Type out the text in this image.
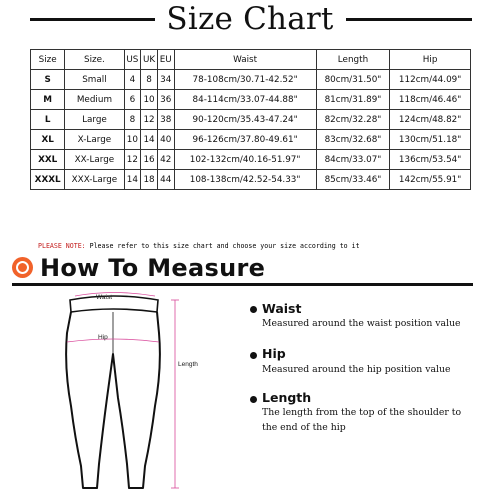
Size Chart
Size	Size.	US	UK	EU	Waist	Length	Hip
S	Small	4	8	34	78-108cm/30.71-42.52"	80cm/31.50"	112cm/44.09"
M	Medium	6	10	36	84-114cm/33.07-44.88"	81cm/31.89"	118cm/46.46"
L	Large	8	12	38	90-120cm/35.43-47.24"	82cm/32.28"	124cm/48.82"
XL	X-Large	10	14	40	96-126cm/37.80-49.61"	83cm/32.68"	130cm/51.18"
XXL	XX-Large	12	16	42	102-132cm/40.16-51.97"	84cm/33.07"	136cm/53.54"
XXXL	XXX-Large	14	18	44	108-138cm/42.52-54.33"	85cm/33.46"	142cm/55.91"
PLEASE NOTE: Please refer to this size chart and choose your size according to it
How To Measure
Waist
Hip
Length
Waist
Measured around the waist position value
Hip
Measured around the hip position value
Length
The length from the top of the shoulder to
the end of the hip
